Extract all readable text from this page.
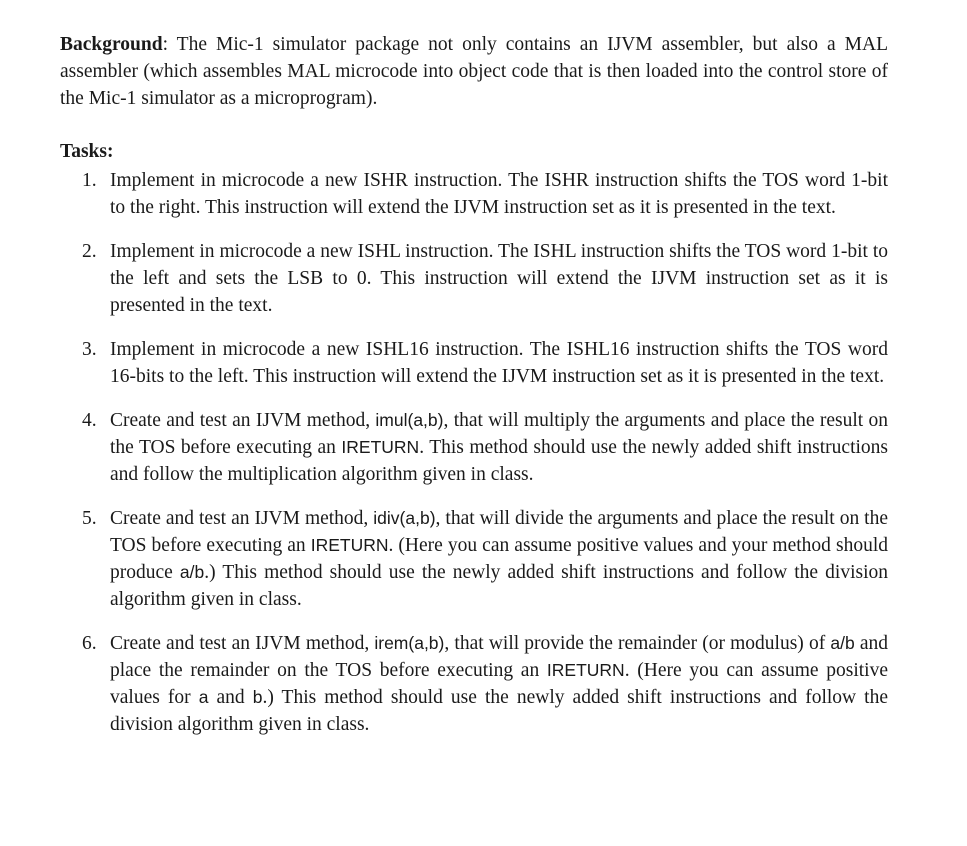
Background: The Mic-1 simulator package not only contains an IJVM assembler, but also a MAL assembler (which assembles MAL microcode into object code that is then loaded into the control store of the Mic-1 simulator as a microprogram).

Tasks:
1. Implement in microcode a new ISHR instruction. The ISHR instruction shifts the TOS word 1-bit to the right. This instruction will extend the IJVM instruction set as it is presented in the text.
2. Implement in microcode a new ISHL instruction. The ISHL instruction shifts the TOS word 1-bit to the left and sets the LSB to 0. This instruction will extend the IJVM instruction set as it is presented in the text.
3. Implement in microcode a new ISHL16 instruction. The ISHL16 instruction shifts the TOS word 16-bits to the left. This instruction will extend the IJVM instruction set as it is presented in the text.
4. Create and test an IJVM method, imul(a,b), that will multiply the arguments and place the result on the TOS before executing an IRETURN. This method should use the newly added shift instructions and follow the multiplication algorithm given in class.
5. Create and test an IJVM method, idiv(a,b), that will divide the arguments and place the result on the TOS before executing an IRETURN. (Here you can assume positive values and your method should produce a/b.) This method should use the newly added shift instructions and follow the division algorithm given in class.
6. Create and test an IJVM method, irem(a,b), that will provide the remainder (or modulus) of a/b and place the remainder on the TOS before executing an IRETURN. (Here you can assume positive values for a and b.) This method should use the newly added shift instructions and follow the division algorithm given in class.
